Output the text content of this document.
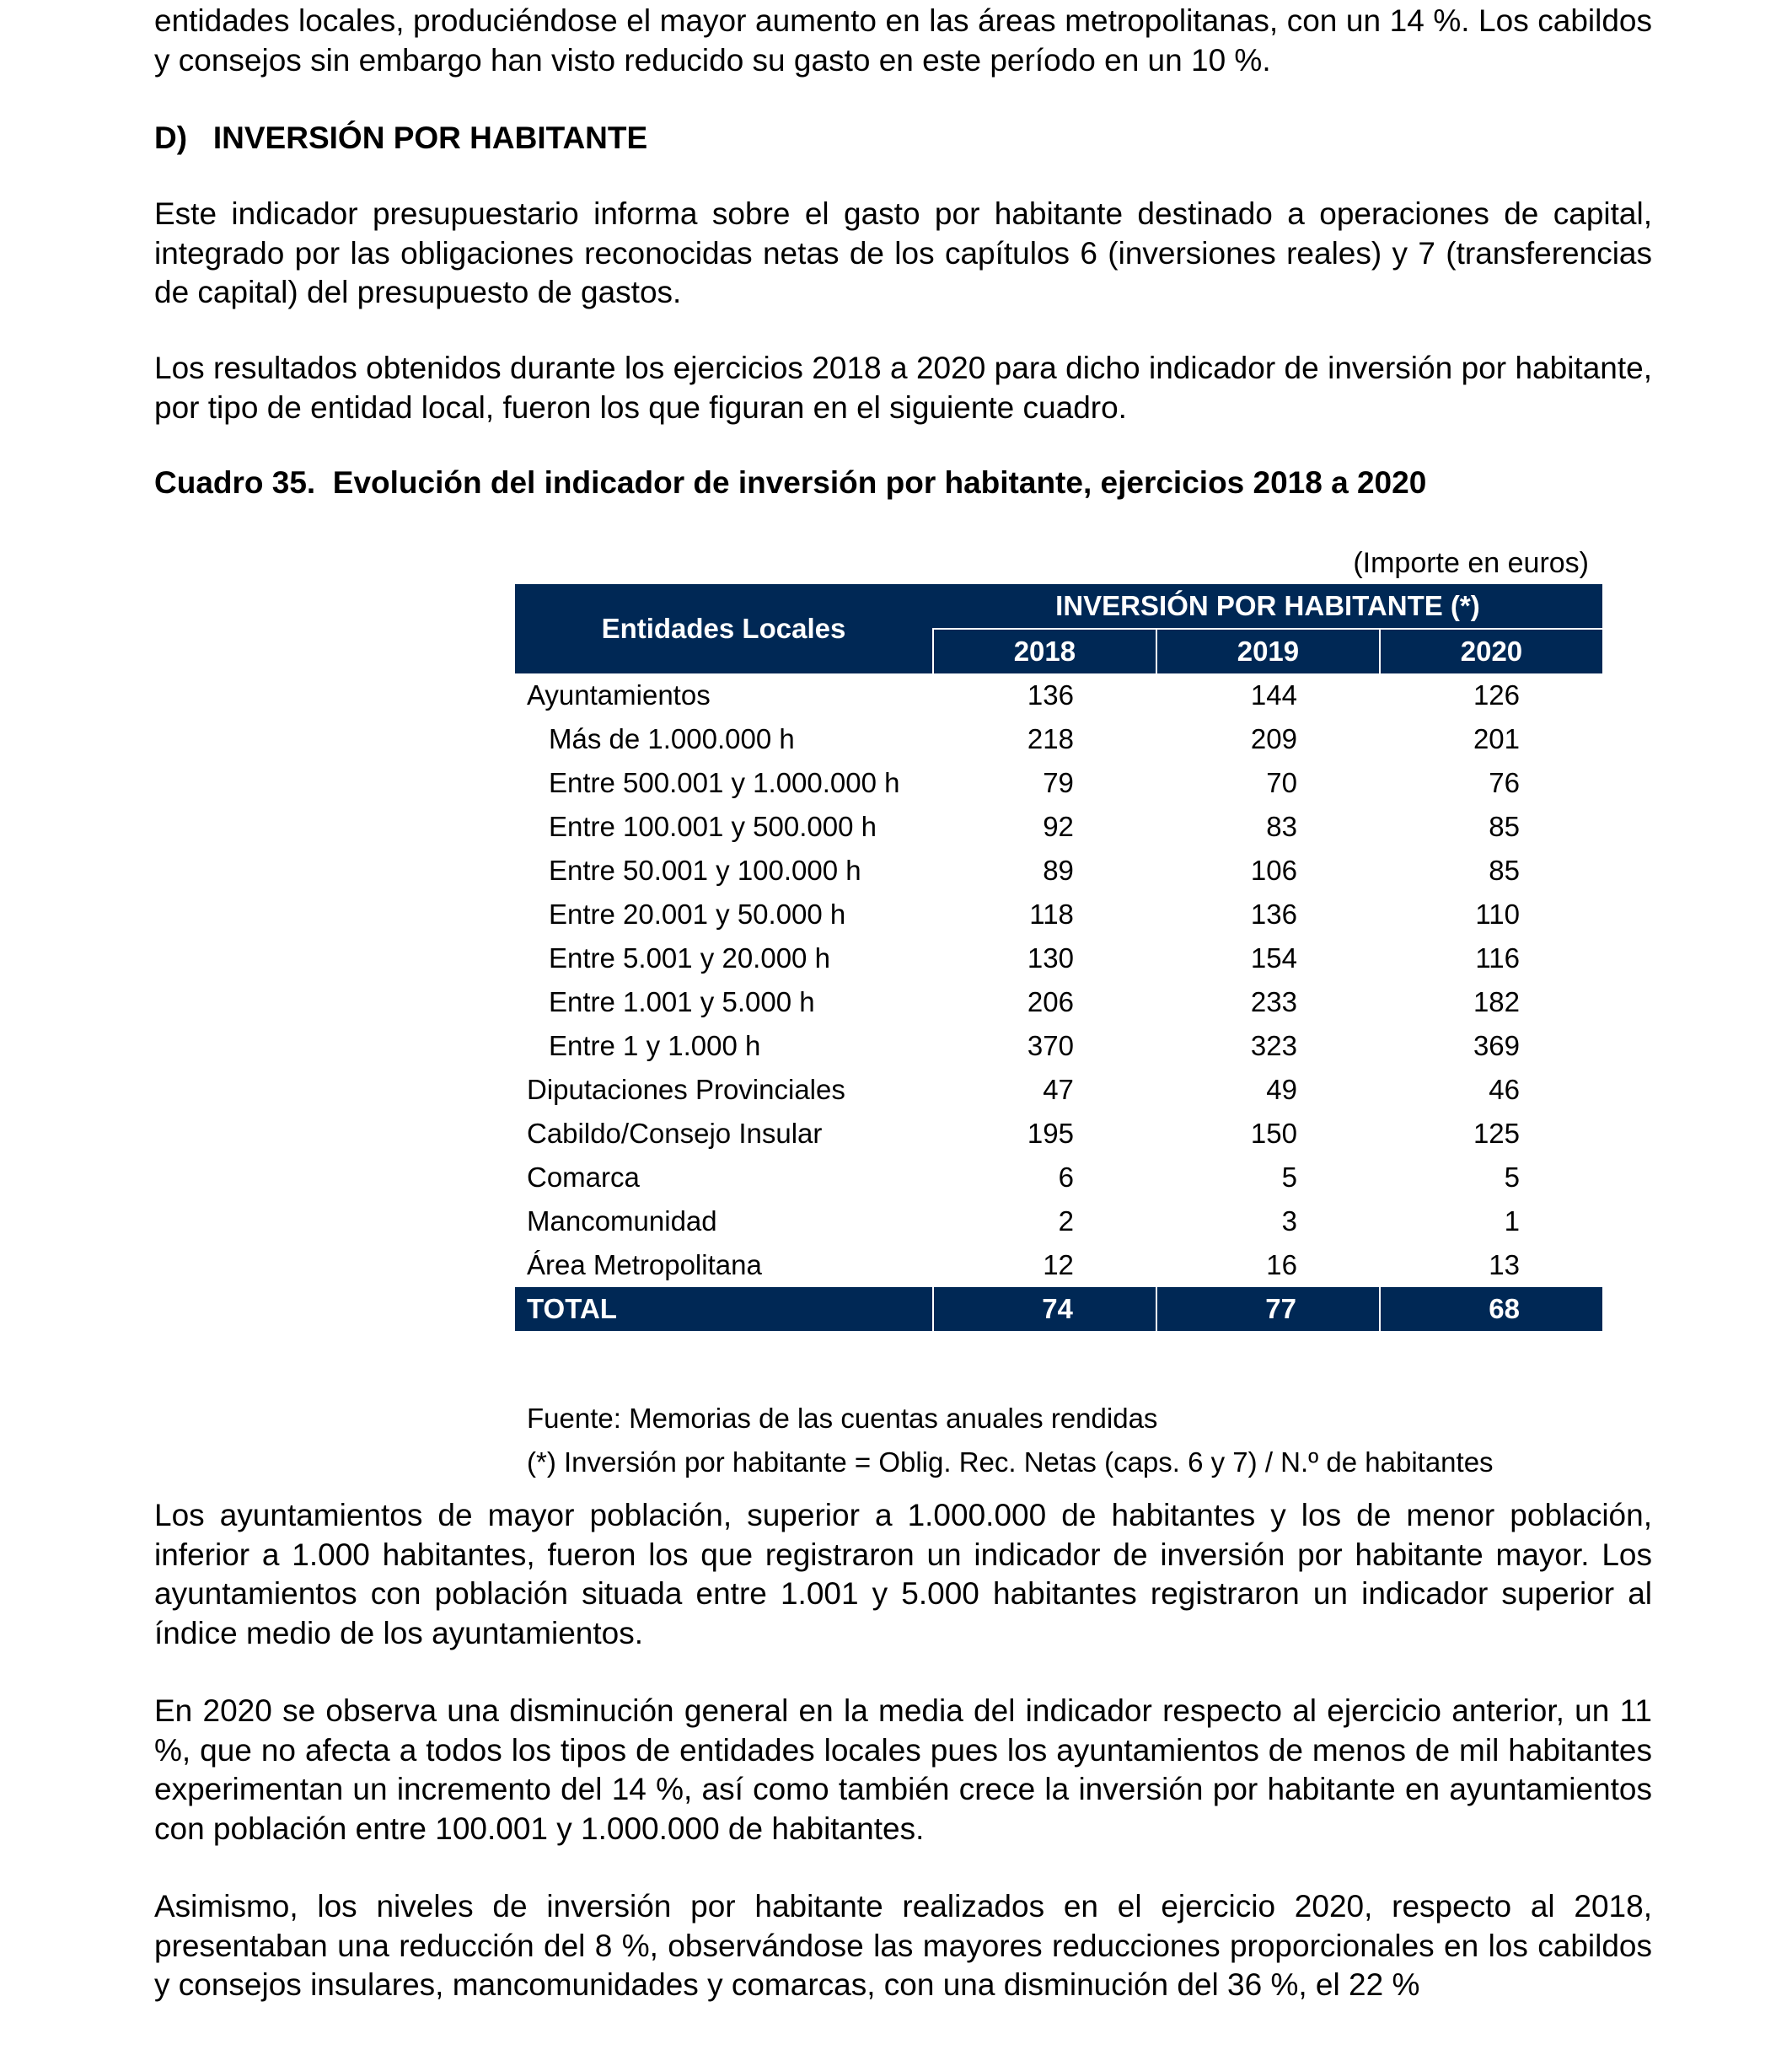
entidades locales, produciéndose el mayor aumento en las áreas metropolitanas, con un 14 %. Los cabildos y consejos sin embargo han visto reducido su gasto en este período en un 10 %.

D)   INVERSIÓN POR HABITANTE

Este indicador presupuestario informa sobre el gasto por habitante destinado a operaciones de capital, integrado por las obligaciones reconocidas netas de los capítulos 6 (inversiones reales) y 7 (transferencias de capital) del presupuesto de gastos.

Los resultados obtenidos durante los ejercicios 2018 a 2020 para dicho indicador de inversión por habitante, por tipo de entidad local, fueron los que figuran en el siguiente cuadro.

Cuadro 35.  Evolución del indicador de inversión por habitante, ejercicios 2018 a 2020

(Importe en euros)
Entidades Locales	INVERSIÓN POR HABITANTE (*)		
	2018	2019	2020
Ayuntamientos	136	144	126
Más de 1.000.000 h	218	209	201
Entre 500.001 y 1.000.000 h	79	70	76
Entre 100.001 y 500.000 h	92	83	85
Entre 50.001 y 100.000 h	89	106	85
Entre 20.001 y 50.000 h	118	136	110
Entre 5.001 y 20.000 h	130	154	116
Entre 1.001 y 5.000 h	206	233	182
Entre 1 y 1.000 h	370	323	369
Diputaciones Provinciales	47	49	46
Cabildo/Consejo Insular	195	150	125
Comarca	6	5	5
Mancomunidad	2	3	1
Área Metropolitana	12	16	13
TOTAL	74	77	68
Fuente: Memorias de las cuentas anuales rendidas
(*) Inversión por habitante = Oblig. Rec. Netas (caps. 6 y 7) / N.º de habitantes

Los ayuntamientos de mayor población, superior a 1.000.000 de habitantes y los de menor población, inferior a 1.000 habitantes, fueron los que registraron un indicador de inversión por habitante mayor. Los ayuntamientos con población situada entre 1.001 y 5.000 habitantes registraron un indicador superior al índice medio de los ayuntamientos.

En 2020 se observa una disminución general en la media del indicador respecto al ejercicio anterior, un 11 %, que no afecta a todos los tipos de entidades locales pues los ayuntamientos de menos de mil habitantes experimentan un incremento del 14 %, así como también crece la inversión por habitante en ayuntamientos con población entre 100.001 y 1.000.000 de habitantes.

Asimismo, los niveles de inversión por habitante realizados en el ejercicio 2020, respecto al 2018, presentaban una reducción del 8 %, observándose las mayores reducciones proporcionales en los cabildos y consejos insulares, mancomunidades y comarcas, con una disminución del 36 %, el 22 %
